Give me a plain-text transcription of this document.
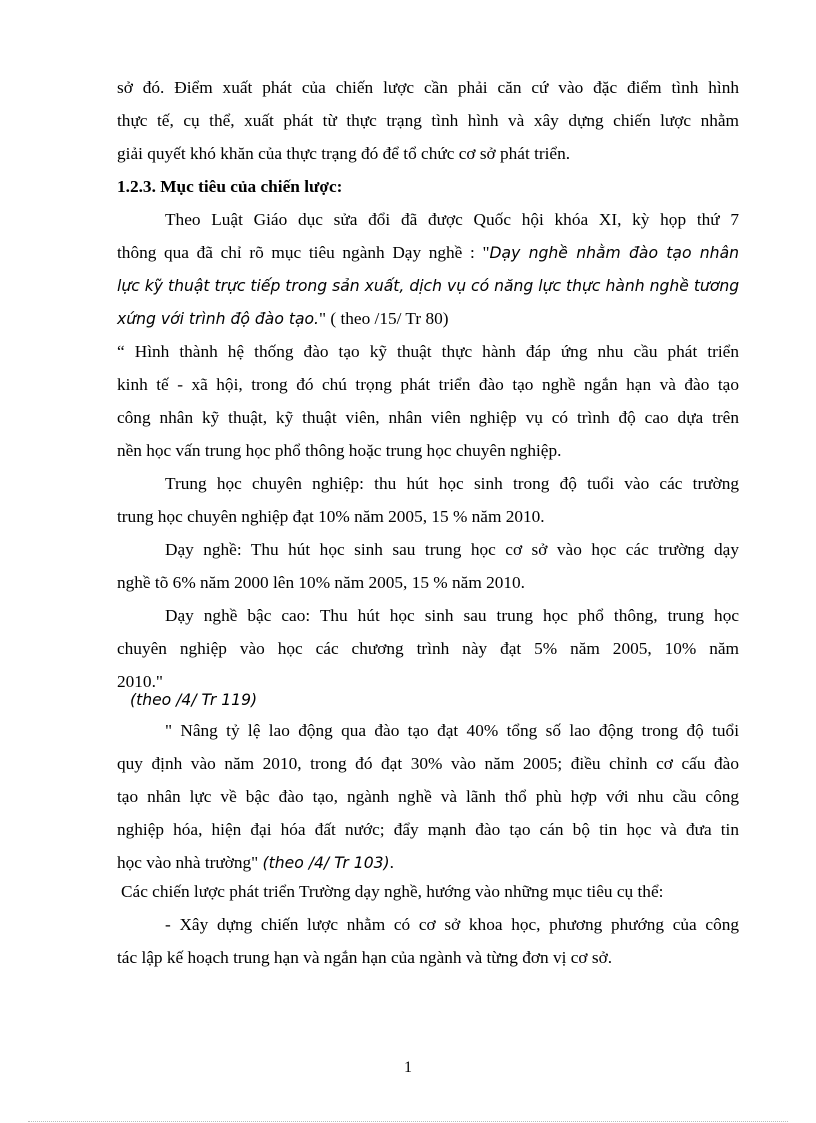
sở đó. Điểm xuất phát của chiến lược cần phải căn cứ vào đặc điểm tình hình
thực tế, cụ thể, xuất phát từ thực trạng tình hình và xây dựng chiến lược nhằm
giải quyết khó khăn của thực trạng đó để tổ chức cơ sở phát triển.
1.2.3. Mục tiêu của chiến lược:
Theo Luật Giáo dục sửa đổi đã được Quốc hội khóa XI, kỳ họp thứ 7
thông qua đã chỉ rõ mục tiêu ngành Dạy nghề : "Dạy nghề nhằm đào tạo nhân
lực kỹ thuật trực tiếp trong sản xuất, dịch vụ có năng lực thực hành nghề tương
xứng với trình độ đào tạo." ( theo /15/ Tr 80)
“ Hình thành hệ thống đào tạo kỹ thuật thực hành đáp ứng nhu cầu phát triển
kinh tế - xã hội, trong đó chú trọng phát triển đào tạo nghề ngắn hạn và đào tạo
công nhân kỹ thuật, kỹ thuật viên, nhân viên nghiệp vụ có trình độ cao dựa trên
nền học vấn trung học phổ thông hoặc trung học chuyên nghiệp.
Trung học chuyên nghiệp: thu hút học sinh trong độ tuổi vào các trường
trung học chuyên nghiệp đạt 10% năm 2005, 15 % năm 2010.
Dạy nghề: Thu hút học sinh sau trung học cơ sở vào học các trường dạy
nghề tõ 6% năm 2000 lên 10% năm 2005, 15 % năm 2010.
Dạy nghề bậc cao: Thu hút học sinh sau trung học phổ thông, trung học
chuyên nghiệp vào học các chương trình này đạt 5% năm 2005, 10% năm
2010."
(theo /4/ Tr 119)
" Nâng tỷ lệ lao động qua đào tạo đạt 40% tổng số lao động trong độ tuổi
quy định vào năm 2010, trong đó đạt 30% vào năm 2005; điều chỉnh cơ cấu đào
tạo nhân lực về bậc đào tạo, ngành nghề và lãnh thổ phù hợp với nhu cầu công
nghiệp hóa, hiện đại hóa đất nước; đẩy mạnh đào tạo cán bộ tin học và đưa tin
học vào nhà trường" (theo /4/ Tr 103).
Các chiến lược phát triển Trường dạy nghề, hướng vào những mục tiêu cụ thể:
- Xây dựng chiến lược nhằm có cơ sở khoa học, phương phướng của công
tác lập kế hoạch trung hạn và ngắn hạn của ngành và từng đơn vị cơ sở.
1
